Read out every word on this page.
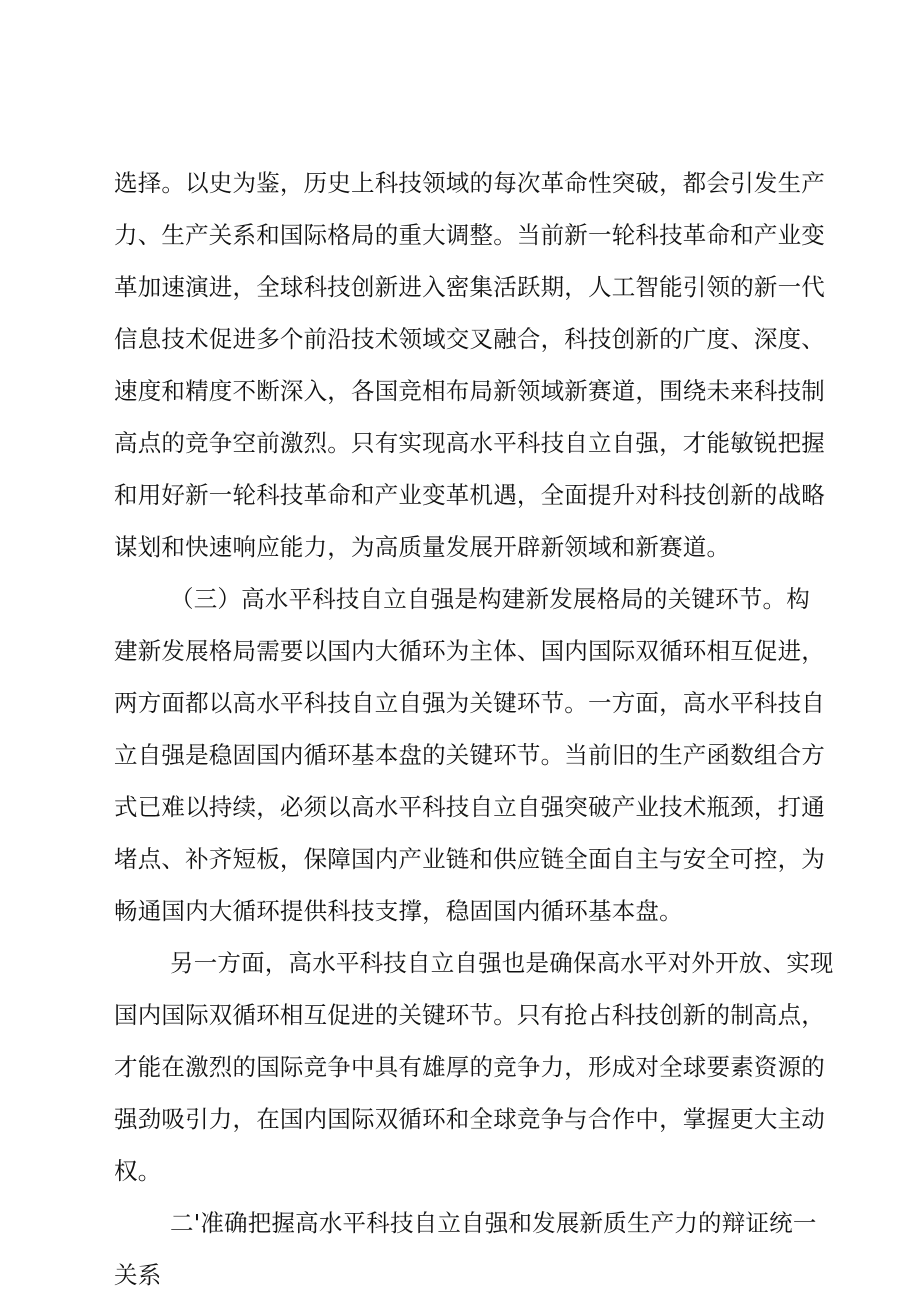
选择。以史为鉴，历史上科技领域的每次革命性突破，都会引发生产
力、生产关系和国际格局的重大调整。当前新一轮科技革命和产业变
革加速演进，全球科技创新进入密集活跃期，人工智能引领的新一代
信息技术促进多个前沿技术领域交叉融合，科技创新的广度、深度、
速度和精度不断深入，各国竞相布局新领域新赛道，围绕未来科技制
高点的竞争空前激烈。只有实现高水平科技自立自强，才能敏锐把握
和用好新一轮科技革命和产业变革机遇，全面提升对科技创新的战略
谋划和快速响应能力，为高质量发展开辟新领域和新赛道。
（三）高水平科技自立自强是构建新发展格局的关键环节。构
建新发展格局需要以国内大循环为主体、国内国际双循环相互促进，
两方面都以高水平科技自立自强为关键环节。一方面，高水平科技自
立自强是稳固国内循环基本盘的关键环节。当前旧的生产函数组合方
式已难以持续，必须以高水平科技自立自强突破产业技术瓶颈，打通
堵点、补齐短板，保障国内产业链和供应链全面自主与安全可控，为
畅通国内大循环提供科技支撑，稳固国内循环基本盘。
另一方面，高水平科技自立自强也是确保高水平对外开放、实现
国内国际双循环相互促进的关键环节。只有抢占科技创新的制高点，
才能在激烈的国际竞争中具有雄厚的竞争力，形成对全球要素资源的
强劲吸引力，在国内国际双循环和全球竞争与合作中，掌握更大主动
权。
二'准确把握高水平科技自立自强和发展新质生产力的辩证统一
关系
